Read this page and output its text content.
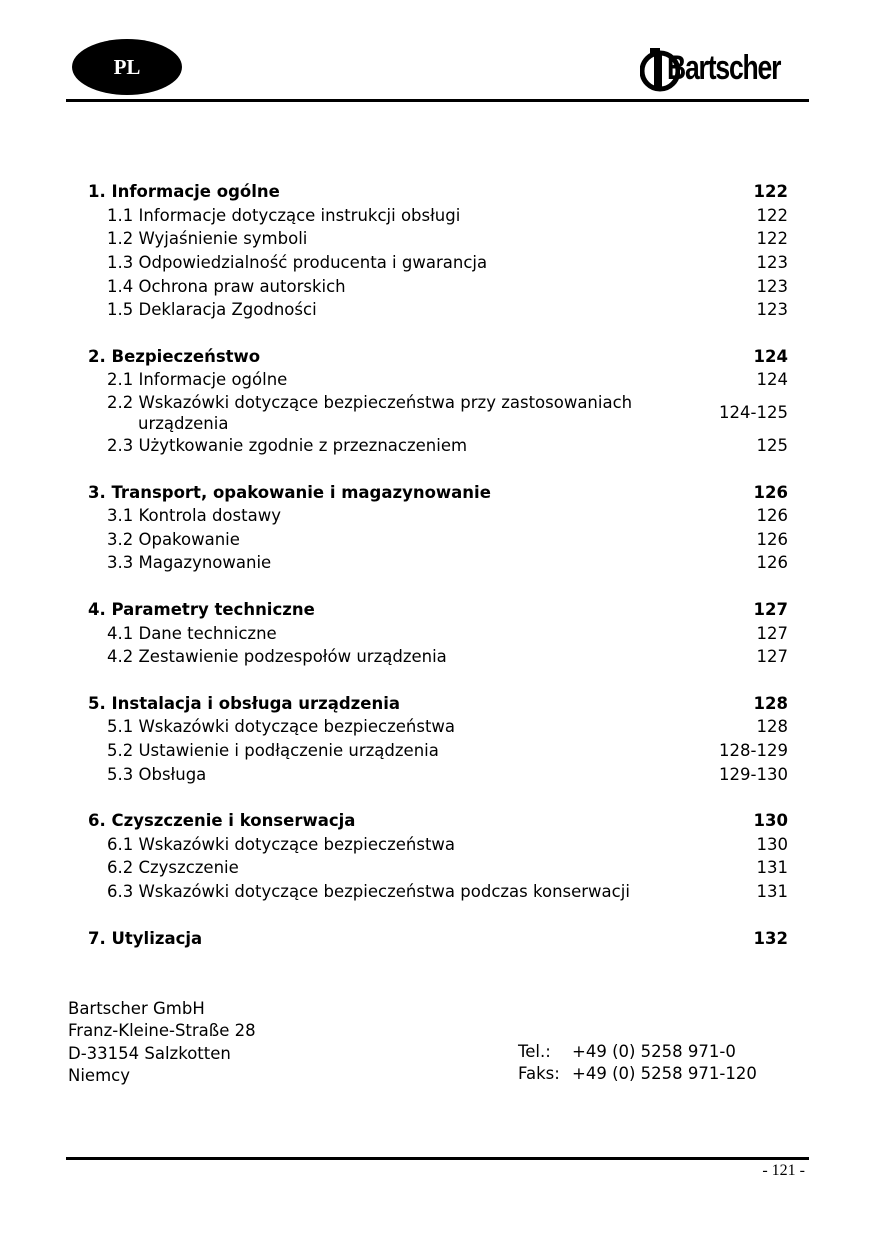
PL	Bartscher
1. Informacje ogólne	122
1.1 Informacje dotyczące instrukcji obsługi	122
1.2 Wyjaśnienie symboli	122
1.3 Odpowiedzialność producenta i gwarancja	123
1.4 Ochrona praw autorskich	123
1.5 Deklaracja Zgodności	123
2. Bezpieczeństwo	124
2.1 Informacje ogólne	124
2.2 Wskazówki dotyczące bezpieczeństwa przy zastosowaniach
urządzenia
124-125
2.3 Użytkowanie zgodnie z przeznaczeniem	125
3. Transport, opakowanie i magazynowanie	126
3.1 Kontrola dostawy	126
3.2 Opakowanie	126
3.3 Magazynowanie	126
4. Parametry techniczne	127
4.1 Dane techniczne	127
4.2 Zestawienie podzespołów urządzenia	127
5. Instalacja i obsługa urządzenia	128
5.1 Wskazówki dotyczące bezpieczeństwa	128
5.2 Ustawienie i podłączenie urządzenia	128-129
5.3 Obsługa	129-130
6. Czyszczenie i konserwacja	130
6.1 Wskazówki dotyczące bezpieczeństwa	130
6.2 Czyszczenie	131
6.3 Wskazówki dotyczące bezpieczeństwa podczas konserwacji	131
7. Utylizacja	132
Bartscher GmbH
Franz-Kleine-Straße 28
D-33154 Salzkotten
Niemcy
Tel.: +49 (0) 5258 971-0
Faks: +49 (0) 5258 971-120
- 121 -
